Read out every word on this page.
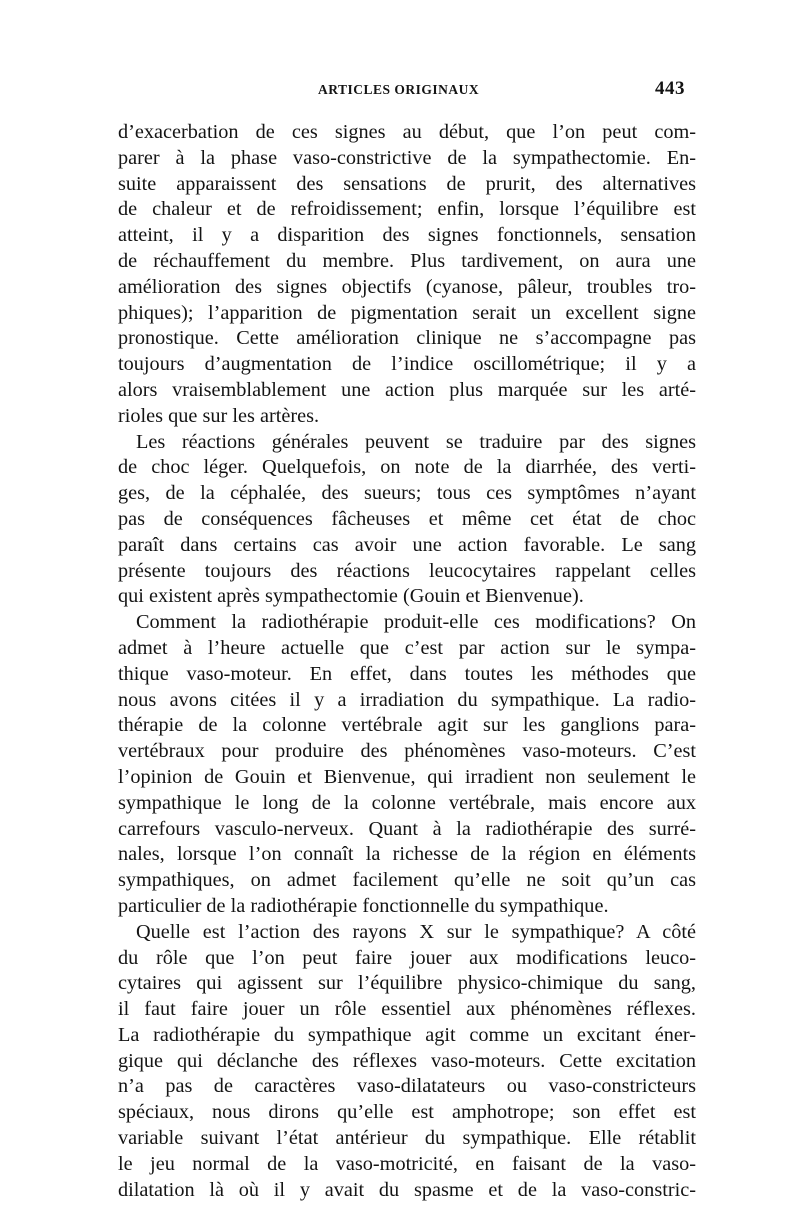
ARTICLES ORIGINAUX	443
d’exacerbation de ces signes au début, que l’on peut com-
parer à la phase vaso-constrictive de la sympathectomie. En-
suite apparaissent des sensations de prurit, des alternatives
de chaleur et de refroidissement; enfin, lorsque l’équilibre est
atteint, il y a disparition des signes fonctionnels, sensation
de réchauffement du membre. Plus tardivement, on aura une
amélioration des signes objectifs (cyanose, pâleur, troubles tro-
phiques); l’apparition de pigmentation serait un excellent signe
pronostique. Cette amélioration clinique ne s’accompagne pas
toujours d’augmentation de l’indice oscillométrique; il y a
alors vraisemblablement une action plus marquée sur les arté-
rioles que sur les artères.
Les réactions générales peuvent se traduire par des signes
de choc léger. Quelquefois, on note de la diarrhée, des verti-
ges, de la céphalée, des sueurs; tous ces symptômes n’ayant
pas de conséquences fâcheuses et même cet état de choc
paraît dans certains cas avoir une action favorable. Le sang
présente toujours des réactions leucocytaires rappelant celles
qui existent après sympathectomie (Gouin et Bienvenue).
Comment la radiothérapie produit-elle ces modifications? On
admet à l’heure actuelle que c’est par action sur le sympa-
thique vaso-moteur. En effet, dans toutes les méthodes que
nous avons citées il y a irradiation du sympathique. La radio-
thérapie de la colonne vertébrale agit sur les ganglions para-
vertébraux pour produire des phénomènes vaso-moteurs. C’est
l’opinion de Gouin et Bienvenue, qui irradient non seulement le
sympathique le long de la colonne vertébrale, mais encore aux
carrefours vasculo-nerveux. Quant à la radiothérapie des surré-
nales, lorsque l’on connaît la richesse de la région en éléments
sympathiques, on admet facilement qu’elle ne soit qu’un cas
particulier de la radiothérapie fonctionnelle du sympathique.
Quelle est l’action des rayons X sur le sympathique? A côté
du rôle que l’on peut faire jouer aux modifications leuco-
cytaires qui agissent sur l’équilibre physico-chimique du sang,
il faut faire jouer un rôle essentiel aux phénomènes réflexes.
La radiothérapie du sympathique agit comme un excitant éner-
gique qui déclanche des réflexes vaso-moteurs. Cette excitation
n’a pas de caractères vaso-dilatateurs ou vaso-constricteurs
spéciaux, nous dirons qu’elle est amphotrope; son effet est
variable suivant l’état antérieur du sympathique. Elle rétablit
le jeu normal de la vaso-motricité, en faisant de la vaso-
dilatation là où il y avait du spasme et de la vaso-constric-
